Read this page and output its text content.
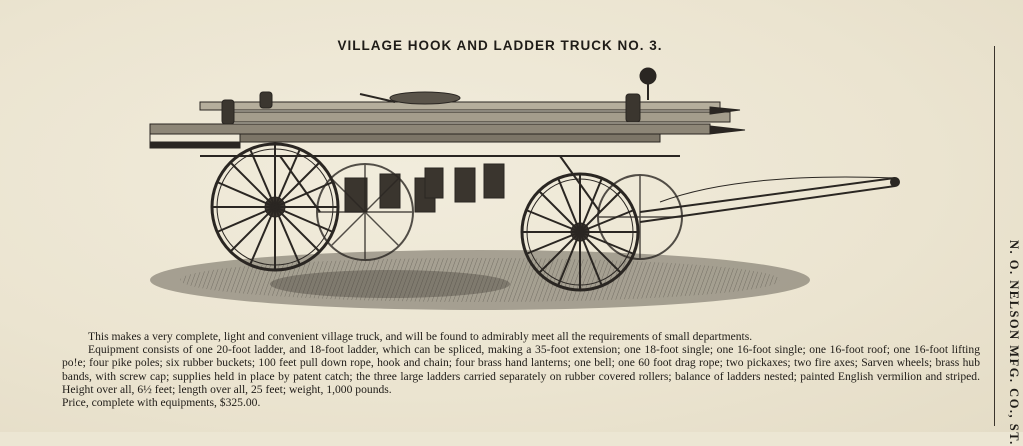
VILLAGE HOOK AND LADDER TRUCK NO. 3.

This makes a very complete, light and convenient village truck, and will be found to admirably meet all the requirements of small departments.

Equipment consists of one 20-foot ladder, and 18-foot ladder, which can be spliced, making a 35-foot extension; one 18-foot single; one 16-foot single; one 16-foot roof; one 16-foot lifting po!e; four pike poles; six rubber buckets; 100 feet pull down rope, hook and chain; four brass hand lanterns; one bell; one 60 foot drag rope; two pickaxes; two fire axes; Sarven wheels; brass hub bands, with screw cap; supplies held in place by patent catch; the three large ladders carried separately on rubber covered rollers; balance of ladders nested; painted English vermilion and striped. Height over all, 6½ feet; length over all, 25 feet; weight, 1,000 pounds.

Price, complete with equipments, $325.00.	N. O. NELSON MFG. CO., ST.
